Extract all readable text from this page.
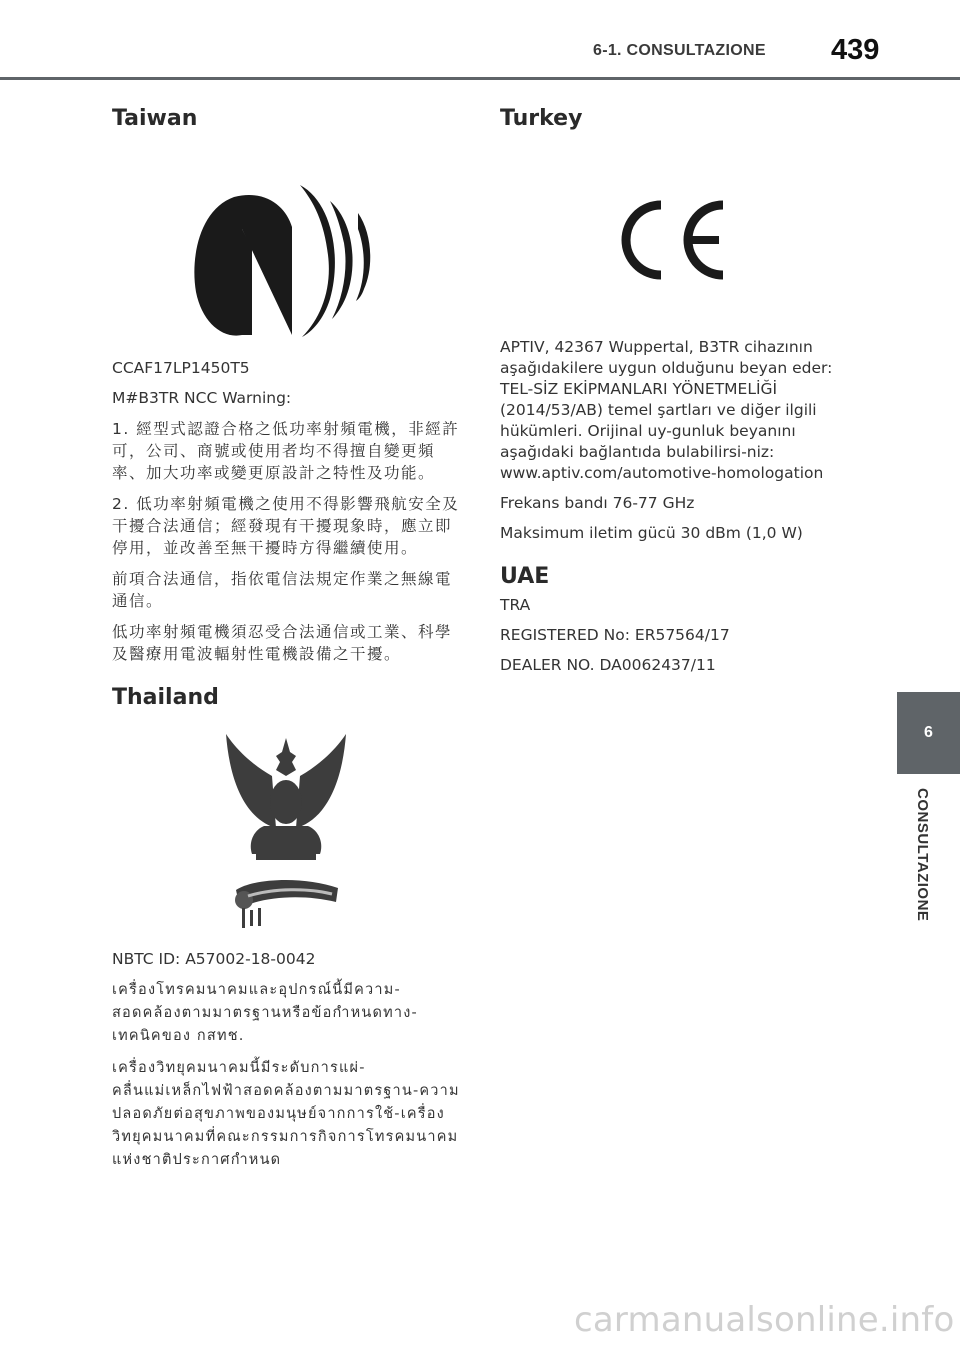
6-1. CONSULTAZIONE 439
Taiwan

CCAF17LP1450T5

M#B3TR NCC Warning:

1. 經型式認證合格之低功率射頻電機，非經許可，公司、商號或使用者均不得擅自變更頻率、加大功率或變更原設計之特性及功能。

2. 低功率射頻電機之使用不得影響飛航安全及干擾合法通信；經發現有干擾現象時，應立即停用，並改善至無干擾時方得繼續使用。

前項合法通信，指依電信法規定作業之無線電通信。

低功率射頻電機須忍受合法通信或工業、科學及醫療用電波輻射性電機設備之干擾。

Thailand

NBTC ID: A57002-18-0042

เครื่องโทรคมนาคมและอุปกรณ์นี้มีความ-สอดคล้องตามมาตรฐานหรือข้อกำหนดทาง-เทคนิคของ กสทช.

เครื่องวิทยุคมนาคมนี้มีระดับการแผ่-คลื่นแม่เหล็กไฟฟ้าสอดคล้องตามมาตรฐาน-ความปลอดภัยต่อสุขภาพของมนุษย์จากการใช้-เครื่องวิทยุคมนาคมที่คณะกรรมการกิจการโทรคมนาคมแห่งชาติประกาศกำหนด

Turkey

APTIV, 42367 Wuppertal, B3TR cihazının aşağıdakilere uygun olduğunu beyan eder: TEL-SİZ EKİPMANLARI YÖNETMELİĞİ (2014/53/AB) temel şartları ve diğer ilgili hükümleri. Orijinal uy-gunluk beyanını aşağıdaki bağlantıda bulabilirsi-niz: www.aptiv.com/automotive-homologation

Frekans bandı 76-77 GHz

Maksimum iletim gücü 30 dBm (1,0 W)

UAE

TRA

REGISTERED No: ER57564/17

DEALER NO. DA0062437/11

6
CONSULTAZIONE
carmanualsonline.info
